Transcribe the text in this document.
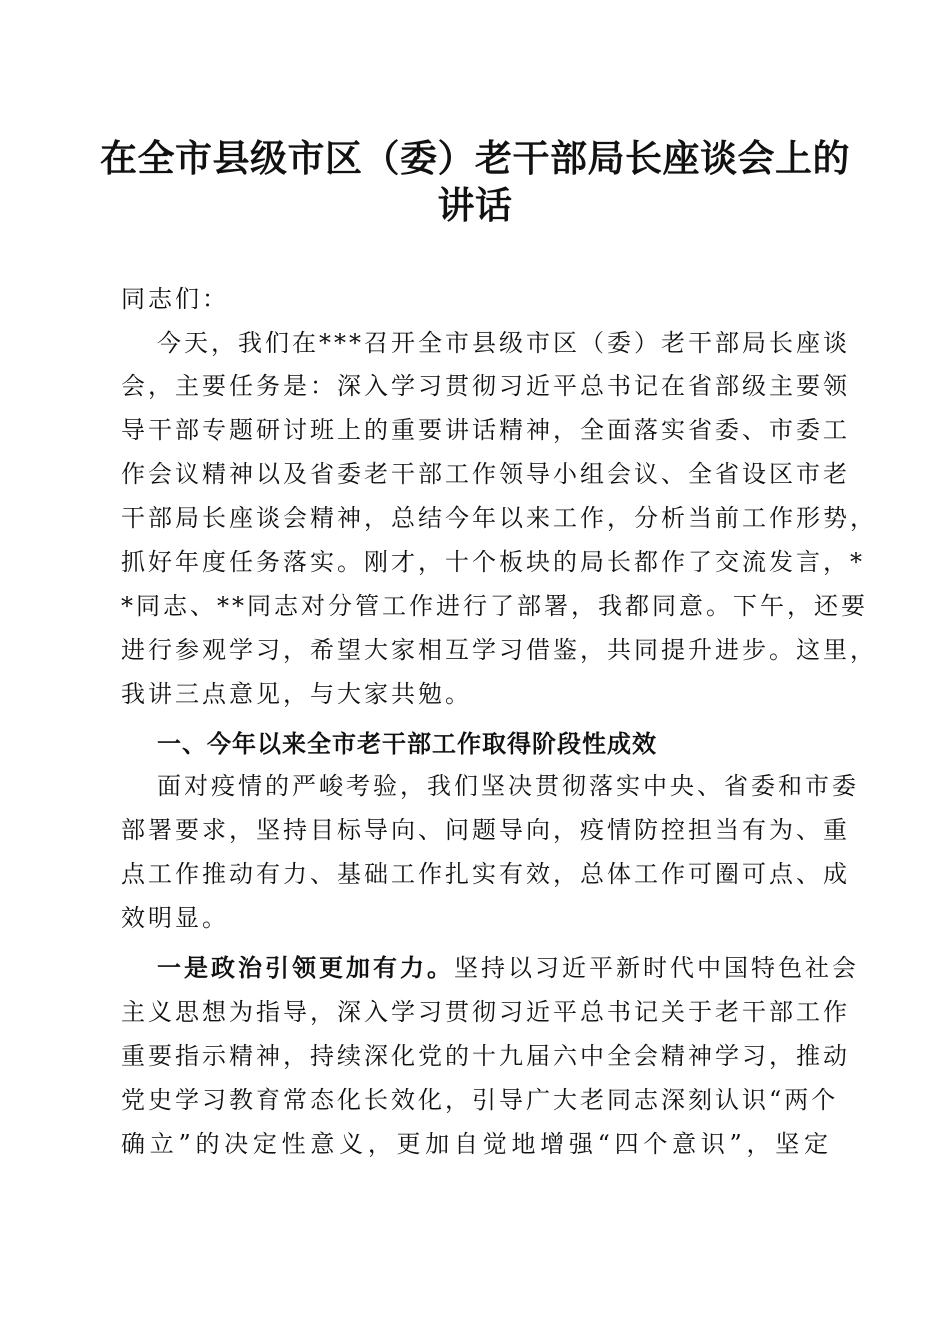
在全市县级市区（委）老干部局长座谈会上的
讲话
同志们：
今天，我们在***召开全市县级市区（委）老干部局长座谈
会，主要任务是：深入学习贯彻习近平总书记在省部级主要领
导干部专题研讨班上的重要讲话精神，全面落实省委、市委工
作会议精神以及省委老干部工作领导小组会议、全省设区市老
干部局长座谈会精神，总结今年以来工作，分析当前工作形势，
抓好年度任务落实。刚才，十个板块的局长都作了交流发言，*
*同志、**同志对分管工作进行了部署，我都同意。下午，还要
进行参观学习，希望大家相互学习借鉴，共同提升进步。这里，
我讲三点意见，与大家共勉。
一、今年以来全市老干部工作取得阶段性成效
面对疫情的严峻考验，我们坚决贯彻落实中央、省委和市委
部署要求，坚持目标导向、问题导向，疫情防控担当有为、重
点工作推动有力、基础工作扎实有效，总体工作可圈可点、成
效明显。
一是政治引领更加有力。坚持以习近平新时代中国特色社会
主义思想为指导，深入学习贯彻习近平总书记关于老干部工作
重要指示精神，持续深化党的十九届六中全会精神学习，推动
党史学习教育常态化长效化，引导广大老同志深刻认识“两个
确立”的决定性意义，更加自觉地增强“四个意识”，坚定
